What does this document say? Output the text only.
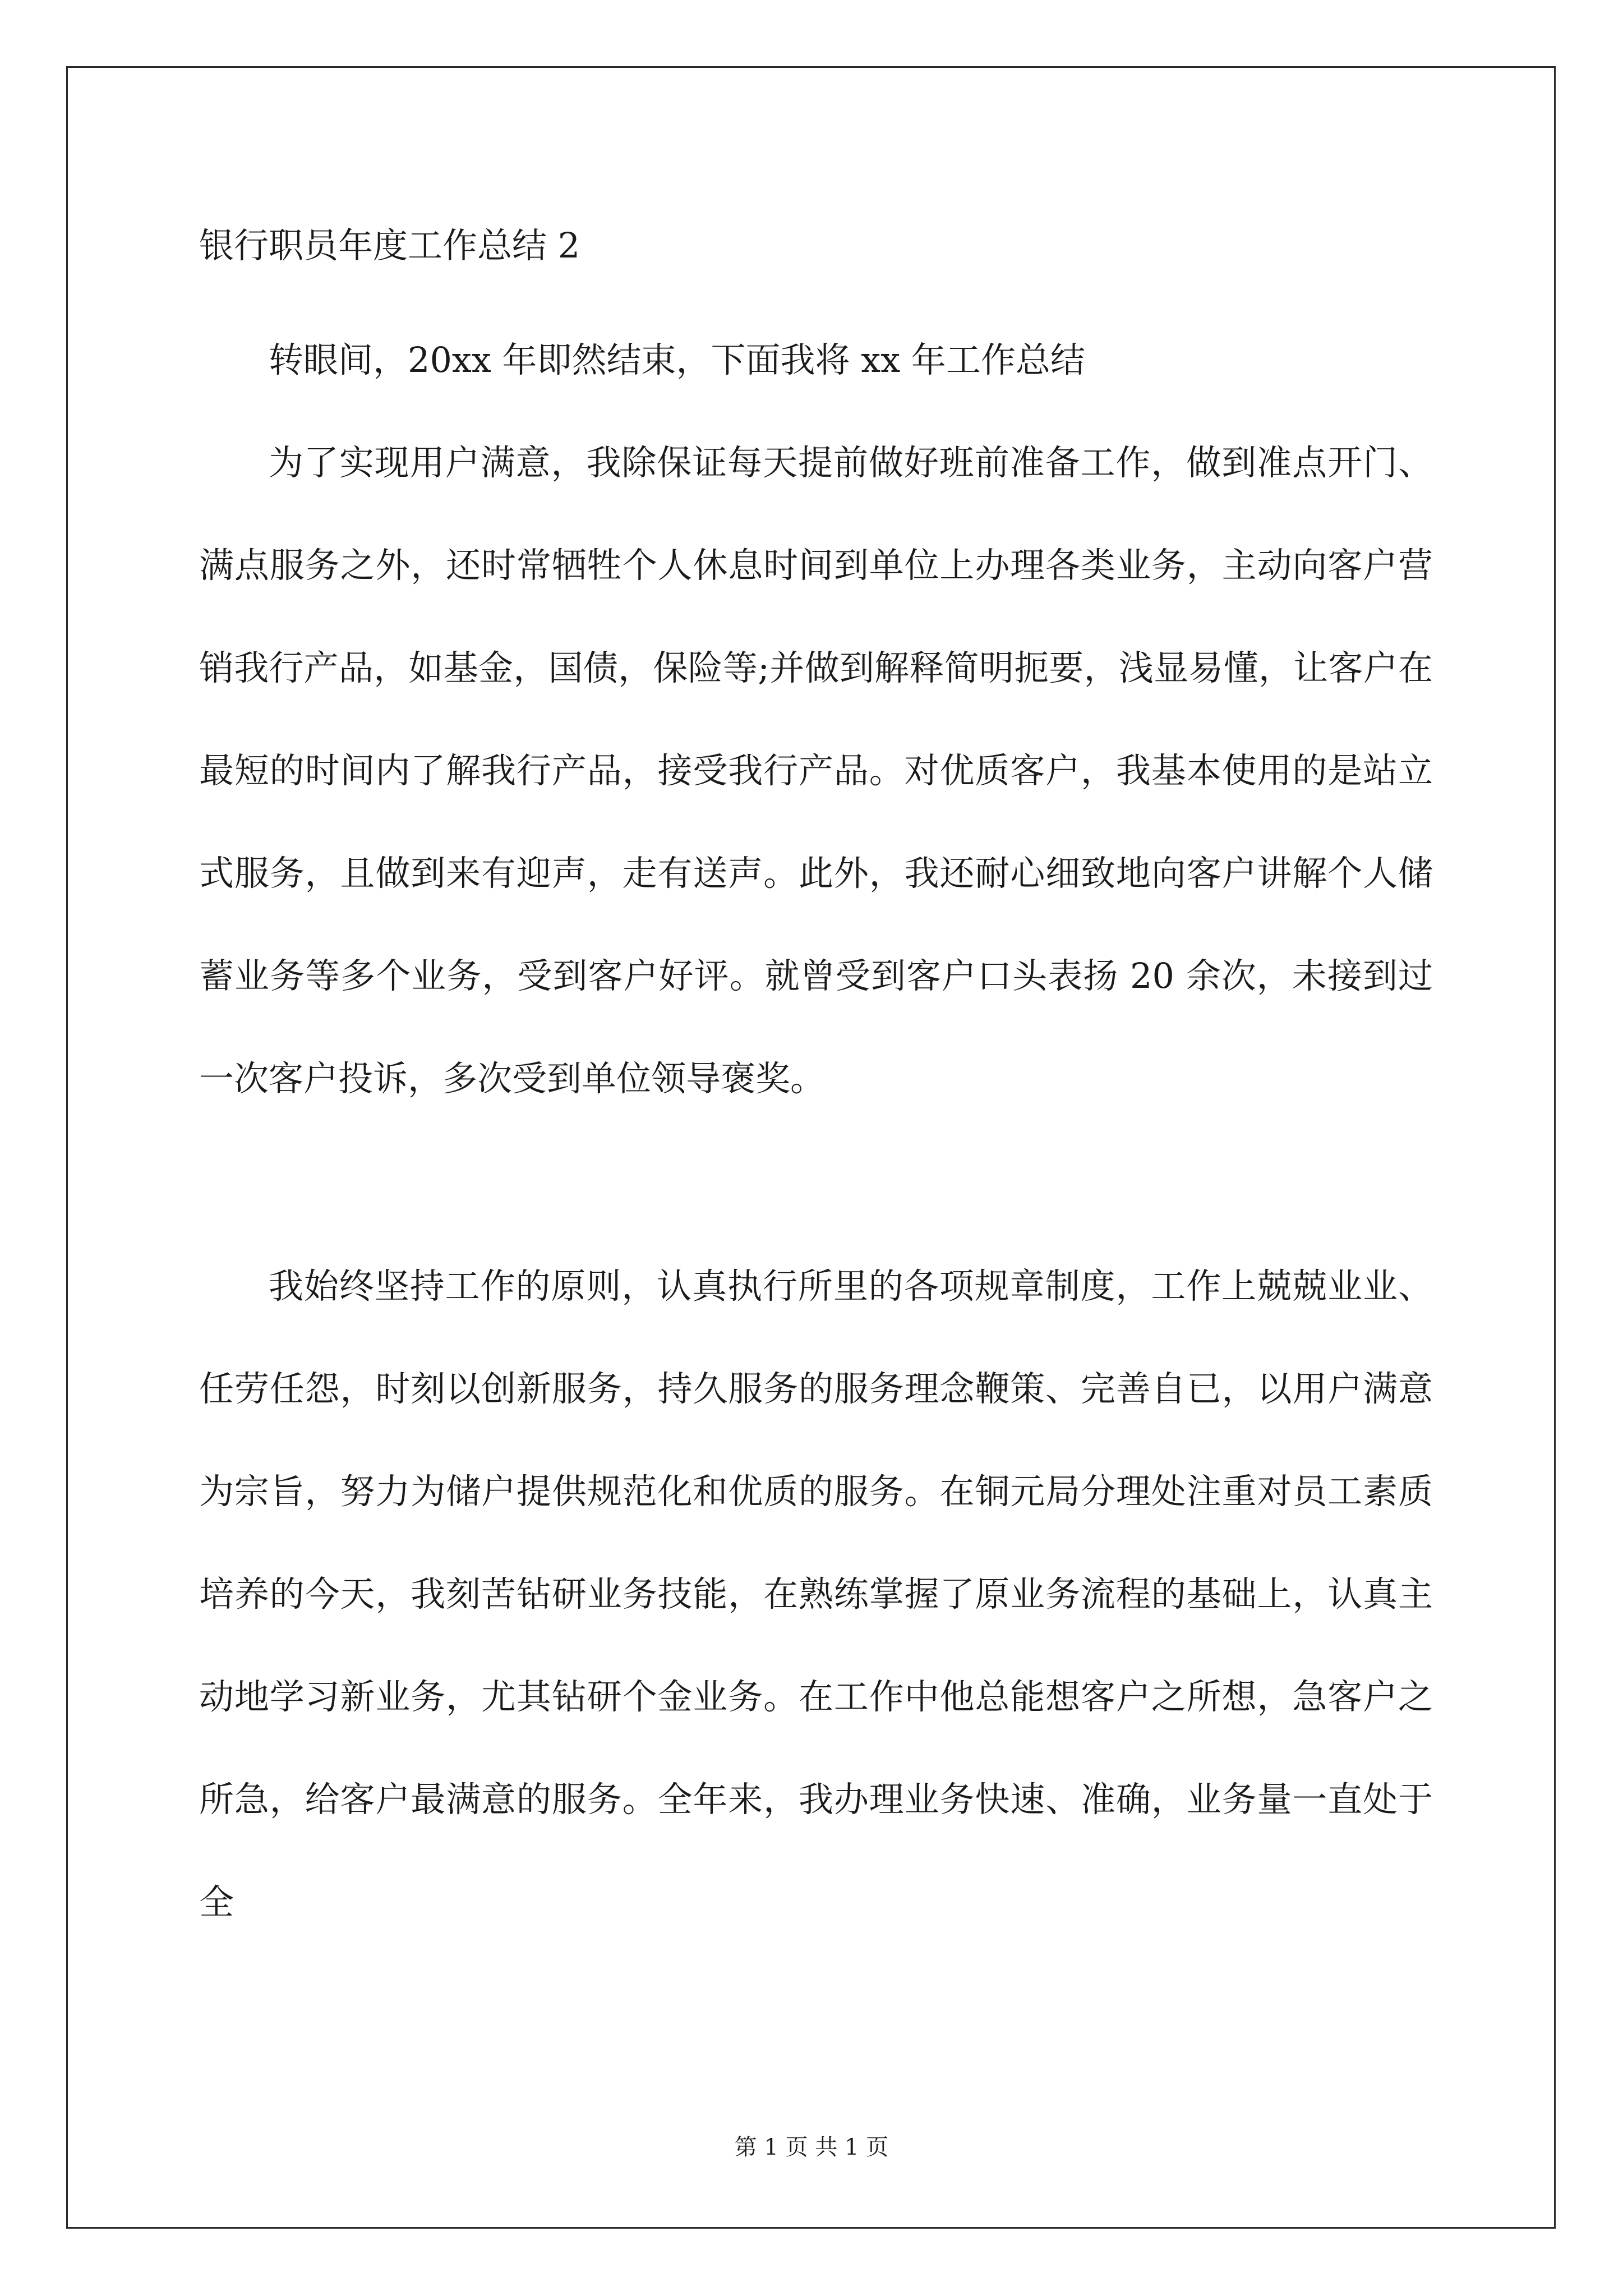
银行职员年度工作总结 2

转眼间，20xx 年即然结束，下面我将 xx 年工作总结

为了实现用户满意，我除保证每天提前做好班前准备工作，做到准点开门、满点服务之外，还时常牺牲个人休息时间到单位上办理各类业务，主动向客户营销我行产品，如基金，国债，保险等;并做到解释简明扼要，浅显易懂，让客户在最短的时间内了解我行产品，接受我行产品。对优质客户，我基本使用的是站立式服务，且做到来有迎声，走有送声。此外，我还耐心细致地向客户讲解个人储蓄业务等多个业务，受到客户好评。就曾受到客户口头表扬 20 余次，未接到过一次客户投诉，多次受到单位领导褒奖。

我始终坚持工作的原则，认真执行所里的各项规章制度，工作上兢兢业业、任劳任怨，时刻以创新服务，持久服务的服务理念鞭策、完善自已，以用户满意为宗旨，努力为储户提供规范化和优质的服务。在铜元局分理处注重对员工素质培养的今天，我刻苦钻研业务技能，在熟练掌握了原业务流程的基础上，认真主动地学习新业务，尤其钻研个金业务。在工作中他总能想客户之所想，急客户之所急，给客户最满意的服务。全年来，我办理业务快速、准确，业务量一直处于全

第 1 页 共 1 页
